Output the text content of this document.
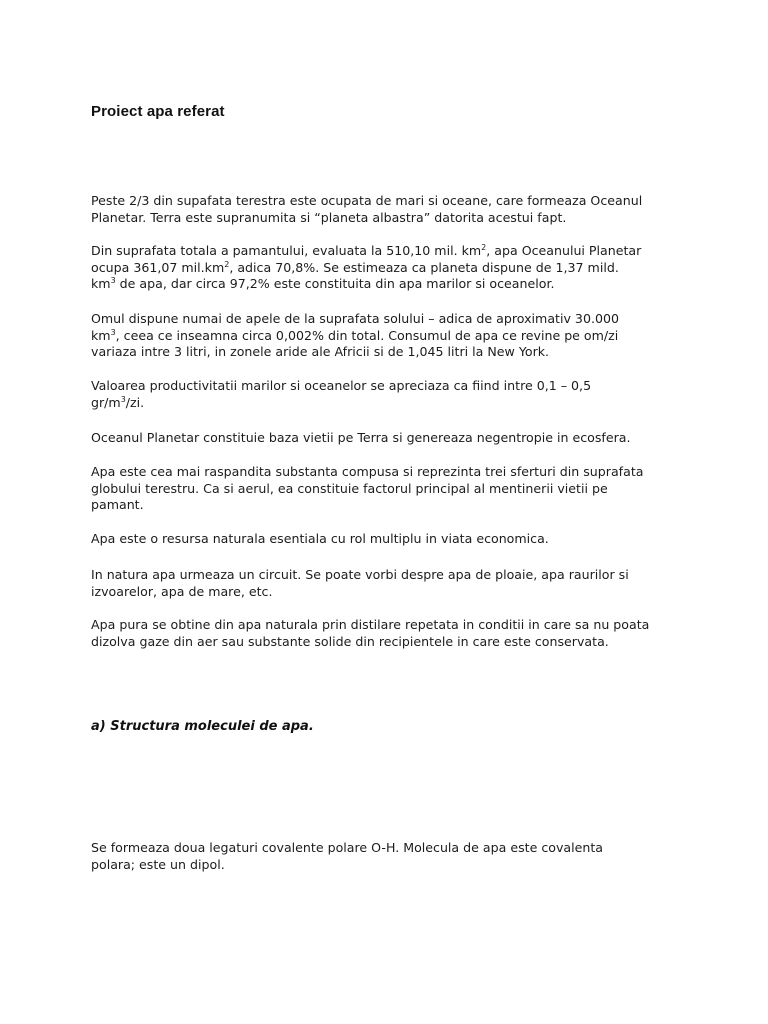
Proiect apa referat

Peste 2/3 din supafata terestra este ocupata de mari si oceane, care formeaza Oceanul
Planetar. Terra este supranumita si “planeta albastra” datorita acestui fapt.

Din suprafata totala a pamantului, evaluata la 510,10 mil. $km^2$, apa Oceanului Planetar
ocupa 361,07 $mil.km^2$, adica 70,8%. Se estimeaza ca planeta dispune de 1,37 mild.
$km^3$ de apa, dar circa 97,2% este constituita din apa marilor si oceanelor.

Omul dispune numai de apele de la suprafata solului – adica de aproximativ 30.000
$km^3$, ceea ce inseamna circa 0,002% din total. Consumul de apa ce revine pe om/zi
variaza intre 3 litri, in zonele aride ale Africii si de 1,045 litri la New York.

Valoarea productivitatii marilor si oceanelor se apreciaza ca fiind intre 0,1 – 0,5
$gr/m^3/zi$.

Oceanul Planetar constituie baza vietii pe Terra si genereaza negentropie in ecosfera.

Apa este cea mai raspandita substanta compusa si reprezinta trei sferturi din suprafata
globului terestru. Ca si aerul, ea constituie factorul principal al mentinerii vietii pe
pamant.

Apa este o resursa naturala esentiala cu rol multiplu in viata economica.

In natura apa urmeaza un circuit. Se poate vorbi despre apa de ploaie, apa raurilor si
izvoarelor, apa de mare, etc.

Apa pura se obtine din apa naturala prin distilare repetata in conditii in care sa nu poata
dizolva gaze din aer sau substante solide din recipientele in care este conservata.

a) Structura moleculei de apa.

Se formeaza doua legaturi covalente polare O-H. Molecula de apa este covalenta
polara; este un dipol.
